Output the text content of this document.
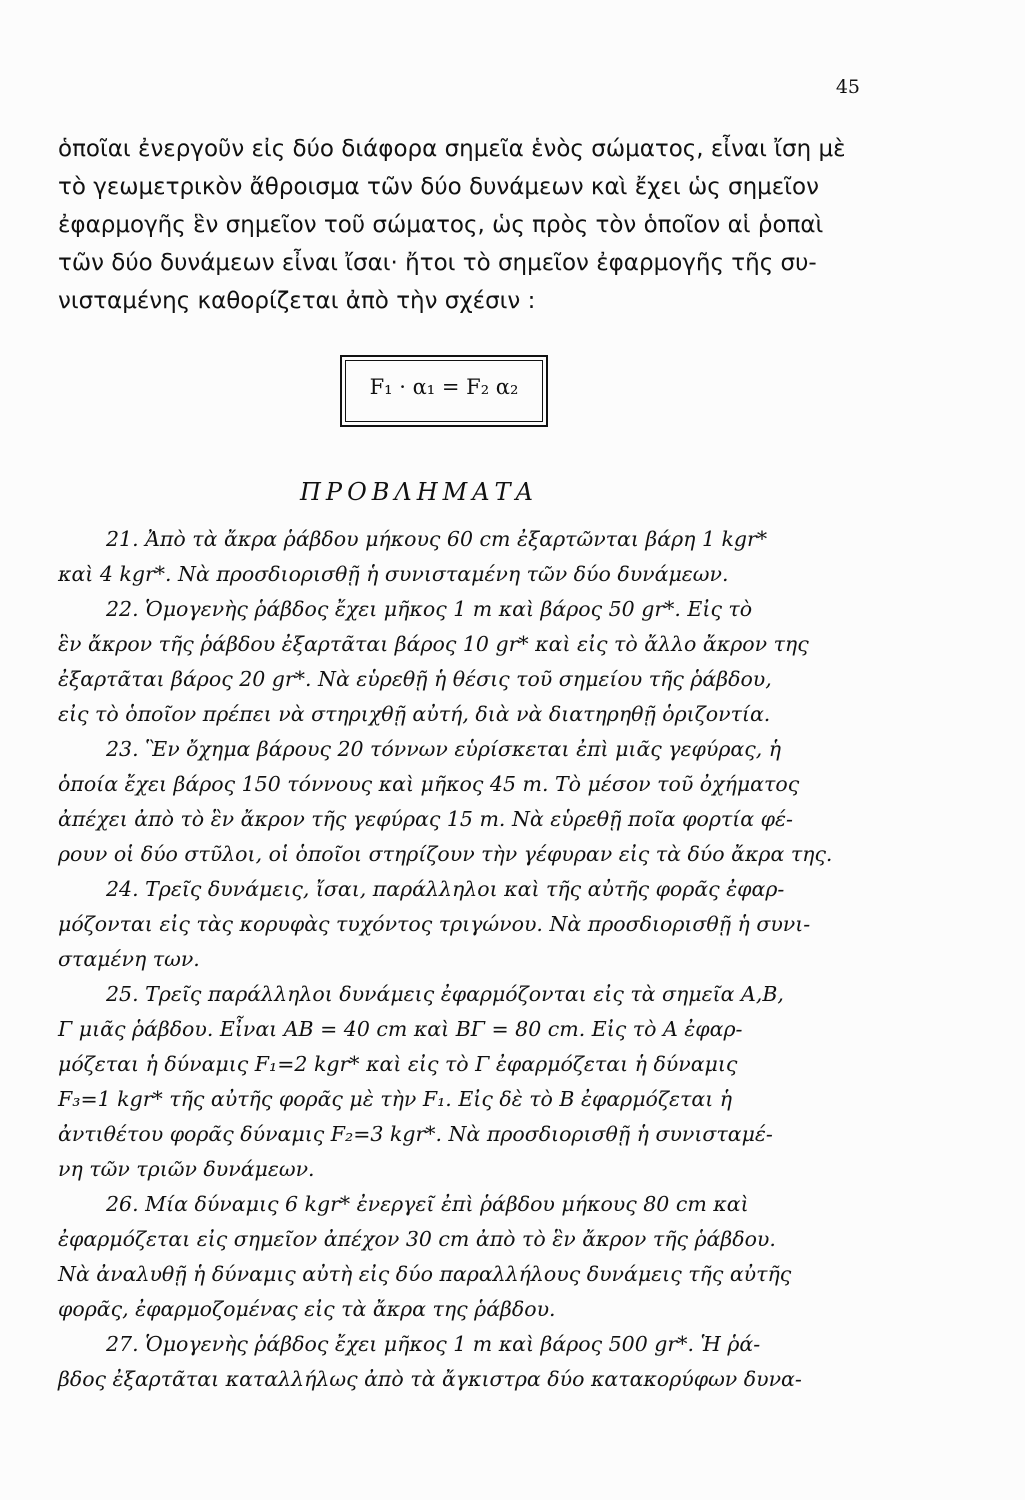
45
ὁποῖαι ἐνεργοῦν εἰς δύο διάφορα σημεῖα ἑνὸς σώματος, εἶναι ἴση μὲ
τὸ γεωμετρικὸν ἄθροισμα τῶν δύο δυνάμεων καὶ ἔχει ὡς σημεῖον
ἐφαρμογῆς ἓν σημεῖον τοῦ σώματος, ὡς πρὸς τὸν ὁποῖον αἱ ῥοπαὶ
τῶν δύο δυνάμεων εἶναι ἴσαι· ἤτοι τὸ σημεῖον ἐφαρμογῆς τῆς συ-
νισταμένης καθορίζεται ἀπὸ τὴν σχέσιν :
F₁ · α₁ = F₂ α₂
ΠΡΟΒΛΗΜΑΤΑ
21. Ἀπὸ τὰ ἄκρα ῥάβδου μήκους 60 cm ἐξαρτῶνται βάρη 1 kgr*
καὶ 4 kgr*. Νὰ προσδιορισθῇ ἡ συνισταμένη τῶν δύο δυνάμεων.
22. Ὁμογενὴς ῥάβδος ἔχει μῆκος 1 m καὶ βάρος 50 gr*. Εἰς τὸ
ἓν ἄκρον τῆς ῥάβδου ἐξαρτᾶται βάρος 10 gr* καὶ εἰς τὸ ἄλλο ἄκρον της
ἐξαρτᾶται βάρος 20 gr*. Νὰ εὑρεθῇ ἡ θέσις τοῦ σημείου τῆς ῥάβδου,
εἰς τὸ ὁποῖον πρέπει νὰ στηριχθῇ αὐτή, διὰ νὰ διατηρηθῇ ὁριζοντία.
23. Ἓν ὄχημα βάρους 20 τόννων εὑρίσκεται ἐπὶ μιᾶς γεφύρας, ἡ
ὁποία ἔχει βάρος 150 τόννους καὶ μῆκος 45 m. Τὸ μέσον τοῦ ὀχήματος
ἀπέχει ἀπὸ τὸ ἓν ἄκρον τῆς γεφύρας 15 m. Νὰ εὑρεθῇ ποῖα φορτία φέ-
ρουν οἱ δύο στῦλοι, οἱ ὁποῖοι στηρίζουν τὴν γέφυραν εἰς τὰ δύο ἄκρα της.
24. Τρεῖς δυνάμεις, ἴσαι, παράλληλοι καὶ τῆς αὐτῆς φορᾶς ἐφαρ-
μόζονται εἰς τὰς κορυφὰς τυχόντος τριγώνου. Νὰ προσδιορισθῇ ἡ συνι-
σταμένη των.
25. Τρεῖς παράλληλοι δυνάμεις ἐφαρμόζονται εἰς τὰ σημεῖα Α,Β,
Γ μιᾶς ῥάβδου. Εἶναι ΑΒ = 40 cm καὶ ΒΓ = 80 cm. Εἰς τὸ Α ἐφαρ-
μόζεται ἡ δύναμις F₁=2 kgr* καὶ εἰς τὸ Γ ἐφαρμόζεται ἡ δύναμις
F₃=1 kgr* τῆς αὐτῆς φορᾶς μὲ τὴν F₁. Εἰς δὲ τὸ Β ἐφαρμόζεται ἡ
ἀντιθέτου φορᾶς δύναμις F₂=3 kgr*. Νὰ προσδιορισθῇ ἡ συνισταμέ-
νη τῶν τριῶν δυνάμεων.
26. Μία δύναμις 6 kgr* ἐνεργεῖ ἐπὶ ῥάβδου μήκους 80 cm καὶ
ἐφαρμόζεται εἰς σημεῖον ἀπέχον 30 cm ἀπὸ τὸ ἓν ἄκρον τῆς ῥάβδου.
Νὰ ἀναλυθῇ ἡ δύναμις αὐτὴ εἰς δύο παραλλήλους δυνάμεις τῆς αὐτῆς
φορᾶς, ἐφαρμοζομένας εἰς τὰ ἄκρα της ῥάβδου.
27. Ὁμογενὴς ῥάβδος ἔχει μῆκος 1 m καὶ βάρος 500 gr*. Ἡ ῥά-
βδος ἐξαρτᾶται καταλλήλως ἀπὸ τὰ ἄγκιστρα δύο κατακορύφων δυνα-
